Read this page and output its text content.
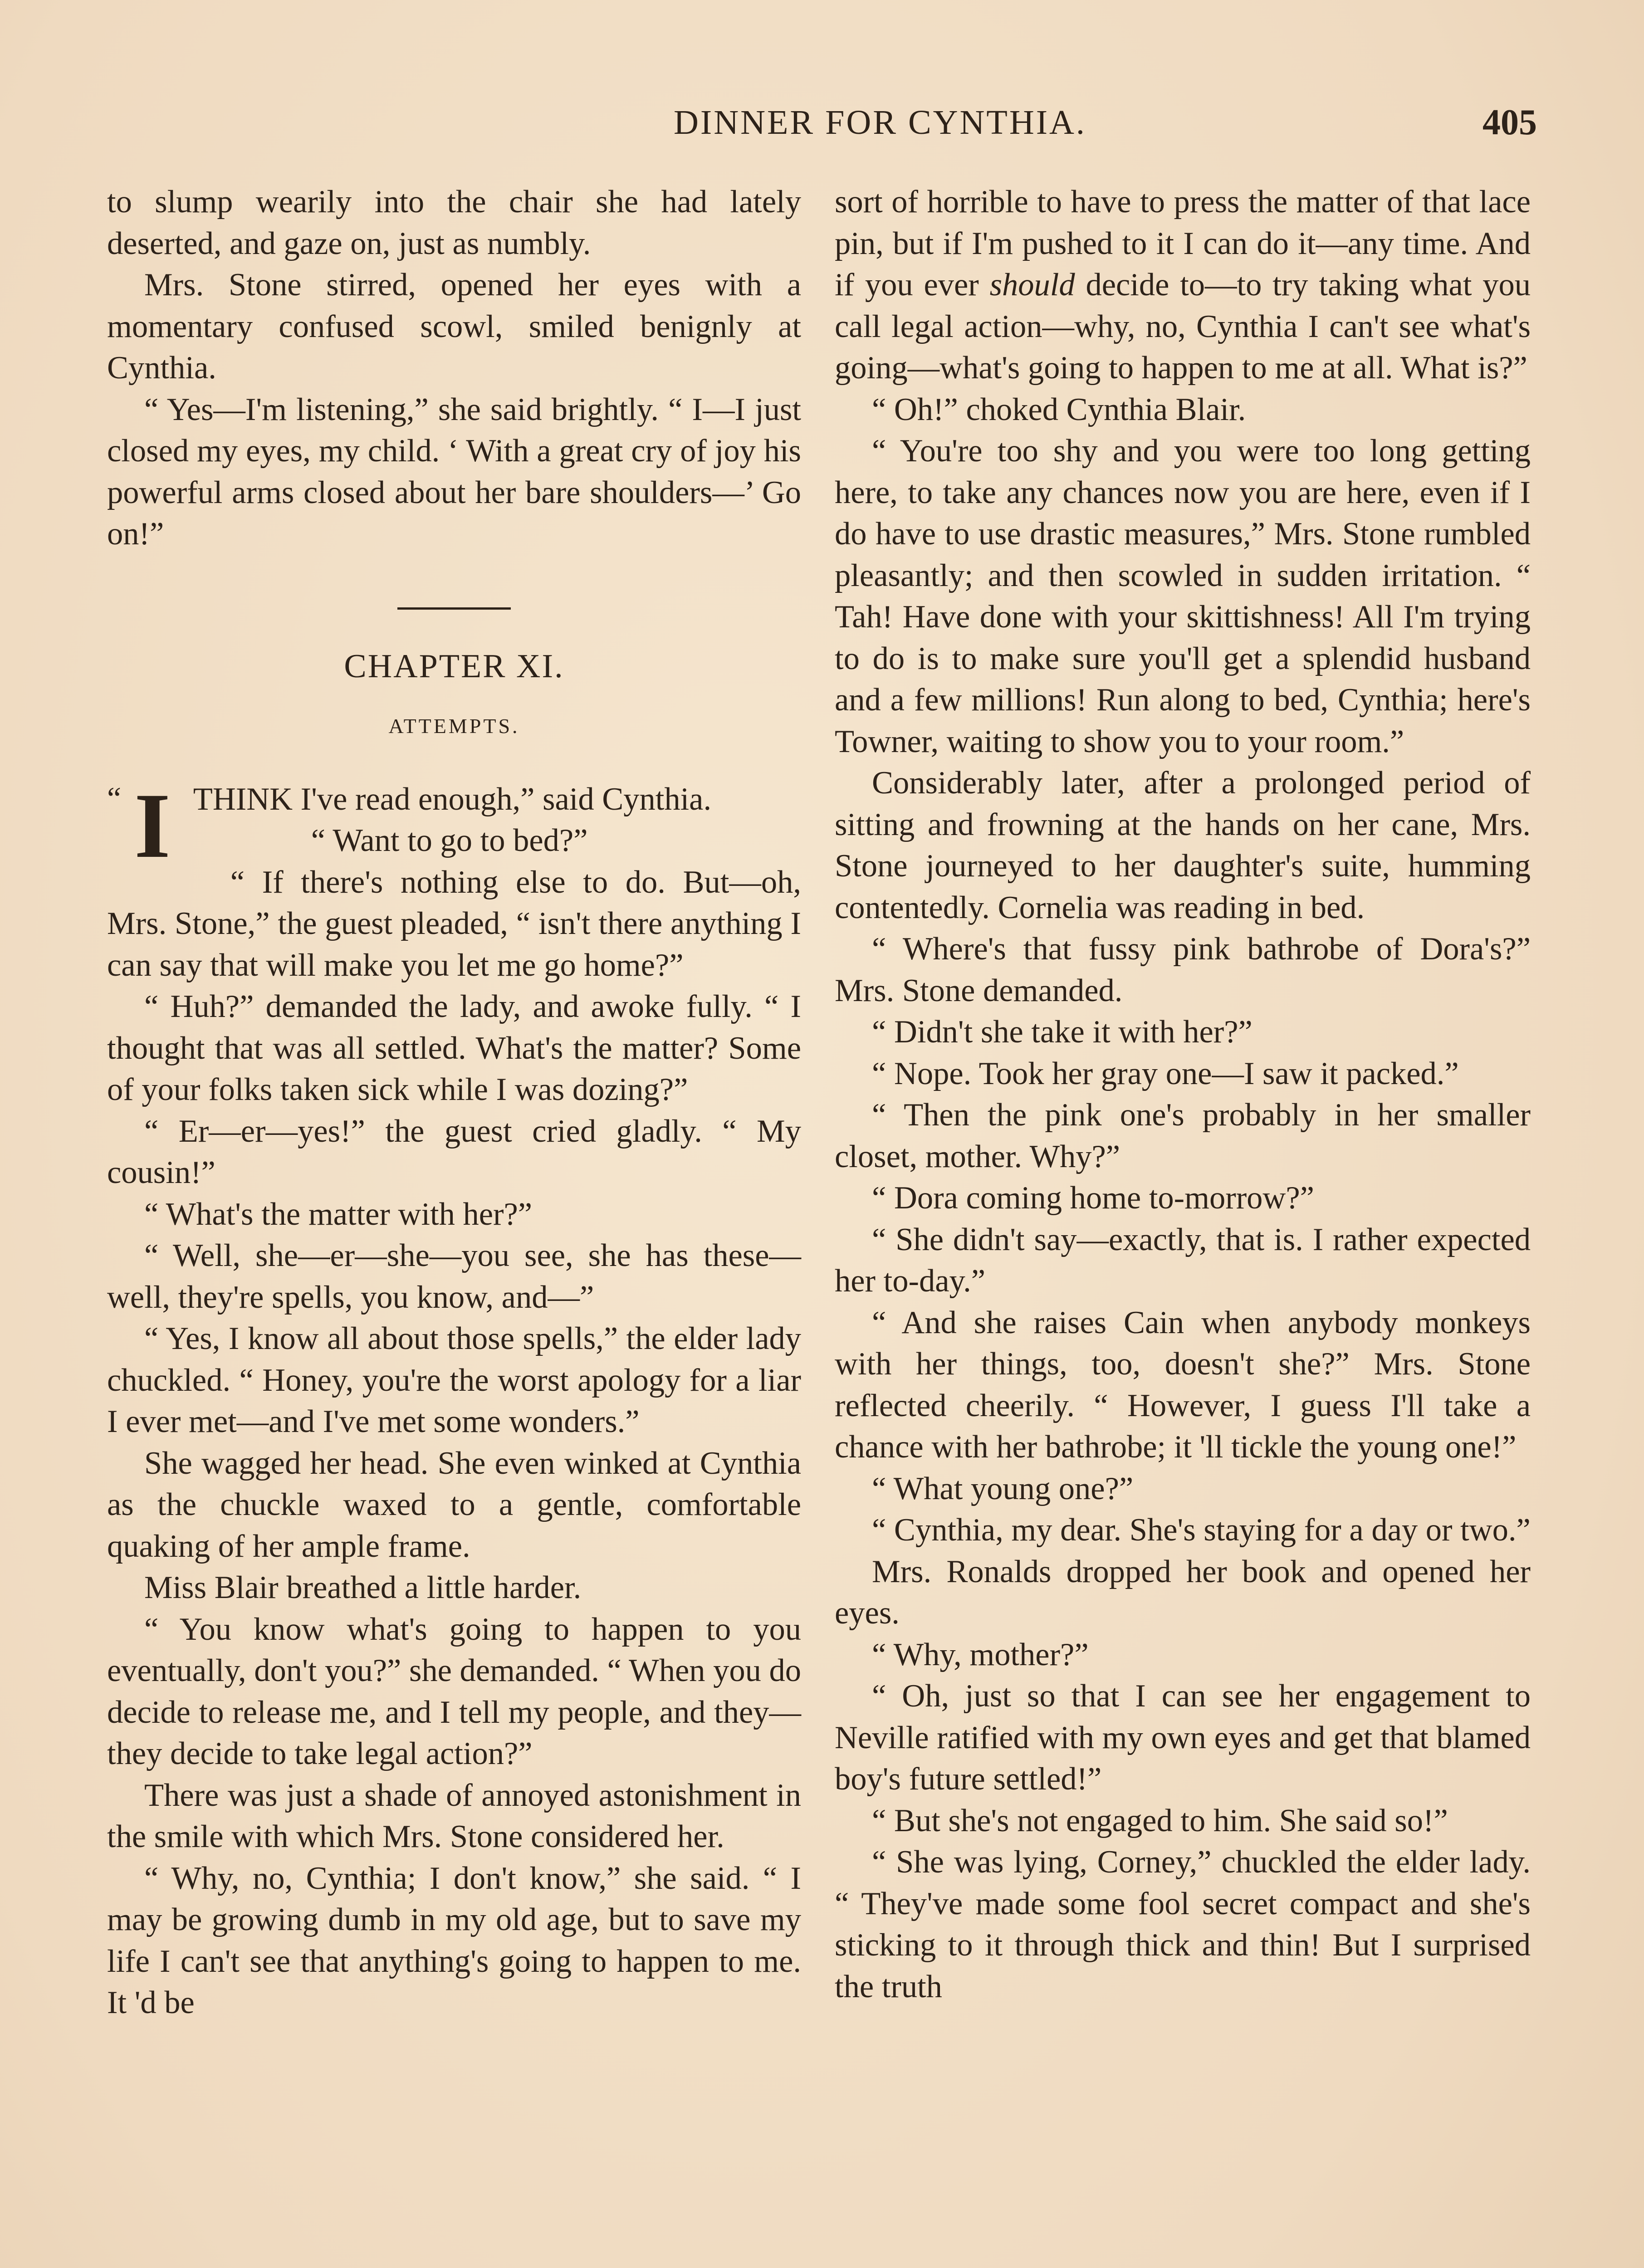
DINNER FOR CYNTHIA.	405

to slump wearily into the chair she had lately deserted, and gaze on, just as numbly.

Mrs. Stone stirred, opened her eyes with a momentary confused scowl, smiled benignly at Cynthia.

“ Yes—I'm listening,” she said brightly. “ I—I just closed my eyes, my child. ‘ With a great cry of joy his powerful arms closed about her bare shoulders—’ Go on!”

CHAPTER XI.
ATTEMPTS.

“ I THINK I've read enough,” said Cynthia.

“ Want to go to bed?”

“ If there's nothing else to do. But—oh, Mrs. Stone,” the guest pleaded, “ isn't there anything I can say that will make you let me go home?”

“ Huh?” demanded the lady, and awoke fully. “ I thought that was all settled. What's the matter? Some of your folks taken sick while I was dozing?”

“ Er—er—yes!” the guest cried gladly. “ My cousin!”

“ What's the matter with her?”

“ Well, she—er—she—you see, she has these—well, they're spells, you know, and—”

“ Yes, I know all about those spells,” the elder lady chuckled. “ Honey, you're the worst apology for a liar I ever met—and I've met some wonders.”

She wagged her head. She even winked at Cynthia as the chuckle waxed to a gentle, comfortable quaking of her ample frame.

Miss Blair breathed a little harder.

“ You know what's going to happen to you eventually, don't you?” she demanded. “ When you do decide to release me, and I tell my people, and they—they decide to take legal action?”

There was just a shade of annoyed astonishment in the smile with which Mrs. Stone considered her.

“ Why, no, Cynthia; I don't know,” she said. “ I may be growing dumb in my old age, but to save my life I can't see that anything's going to happen to me. It 'd be

sort of horrible to have to press the matter of that lace pin, but if I'm pushed to it I can do it—any time. And if you ever should decide to—to try taking what you call legal action—why, no, Cynthia I can't see what's going—what's going to happen to me at all. What is?”

“ Oh!” choked Cynthia Blair.

“ You're too shy and you were too long getting here, to take any chances now you are here, even if I do have to use drastic measures,” Mrs. Stone rumbled pleasantly; and then scowled in sudden irritation. “ Tah! Have done with your skittishness! All I'm trying to do is to make sure you'll get a splendid husband and a few millions! Run along to bed, Cynthia; here's Towner, waiting to show you to your room.”

Considerably later, after a prolonged period of sitting and frowning at the hands on her cane, Mrs. Stone journeyed to her daughter's suite, humming contentedly. Cornelia was reading in bed.

“ Where's that fussy pink bathrobe of Dora's?” Mrs. Stone demanded.

“ Didn't she take it with her?”

“ Nope. Took her gray one—I saw it packed.”

“ Then the pink one's probably in her smaller closet, mother. Why?”

“ Dora coming home to-morrow?”

“ She didn't say—exactly, that is. I rather expected her to-day.”

“ And she raises Cain when anybody monkeys with her things, too, doesn't she?” Mrs. Stone reflected cheerily. “ However, I guess I'll take a chance with her bathrobe; it 'll tickle the young one!”

“ What young one?”

“ Cynthia, my dear. She's staying for a day or two.”

Mrs. Ronalds dropped her book and opened her eyes.

“ Why, mother?”

“ Oh, just so that I can see her engagement to Neville ratified with my own eyes and get that blamed boy's future settled!”

“ But she's not engaged to him. She said so!”

“ She was lying, Corney,” chuckled the elder lady. “ They've made some fool secret compact and she's sticking to it through thick and thin! But I surprised the truth
